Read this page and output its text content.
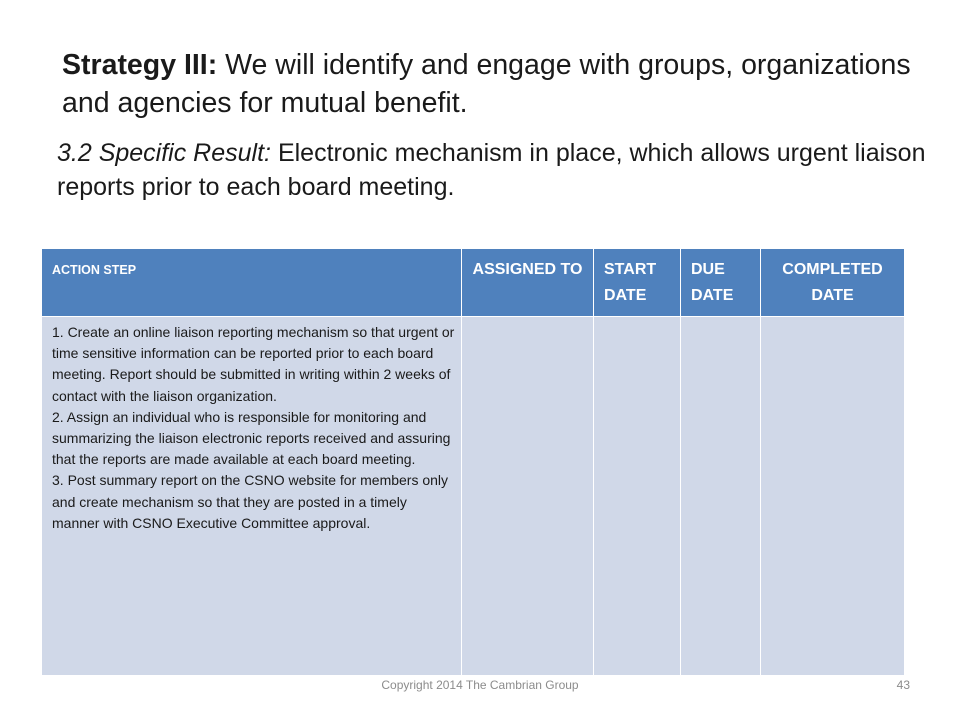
Strategy III: We will identify and engage with groups, organizations and agencies for mutual benefit.
3.2 Specific Result: Electronic mechanism in place, which allows urgent liaison reports prior to each board meeting.
ACTION STEP	ASSIGNED TO	START DATE	DUE DATE	COMPLETED DATE

1. Create an online liaison reporting mechanism so that urgent or time sensitive information can be reported prior to each board meeting. Report should be submitted in writing within 2 weeks of contact with the liaison organization.
2. Assign an individual who is responsible for monitoring and summarizing the liaison electronic reports received and assuring that the reports are made available at each board meeting.
3. Post summary report on the CSNO website for members only and create mechanism so that they are posted in a timely manner with CSNO Executive Committee approval.				

Copyright 2014 The Cambrian Group	43
